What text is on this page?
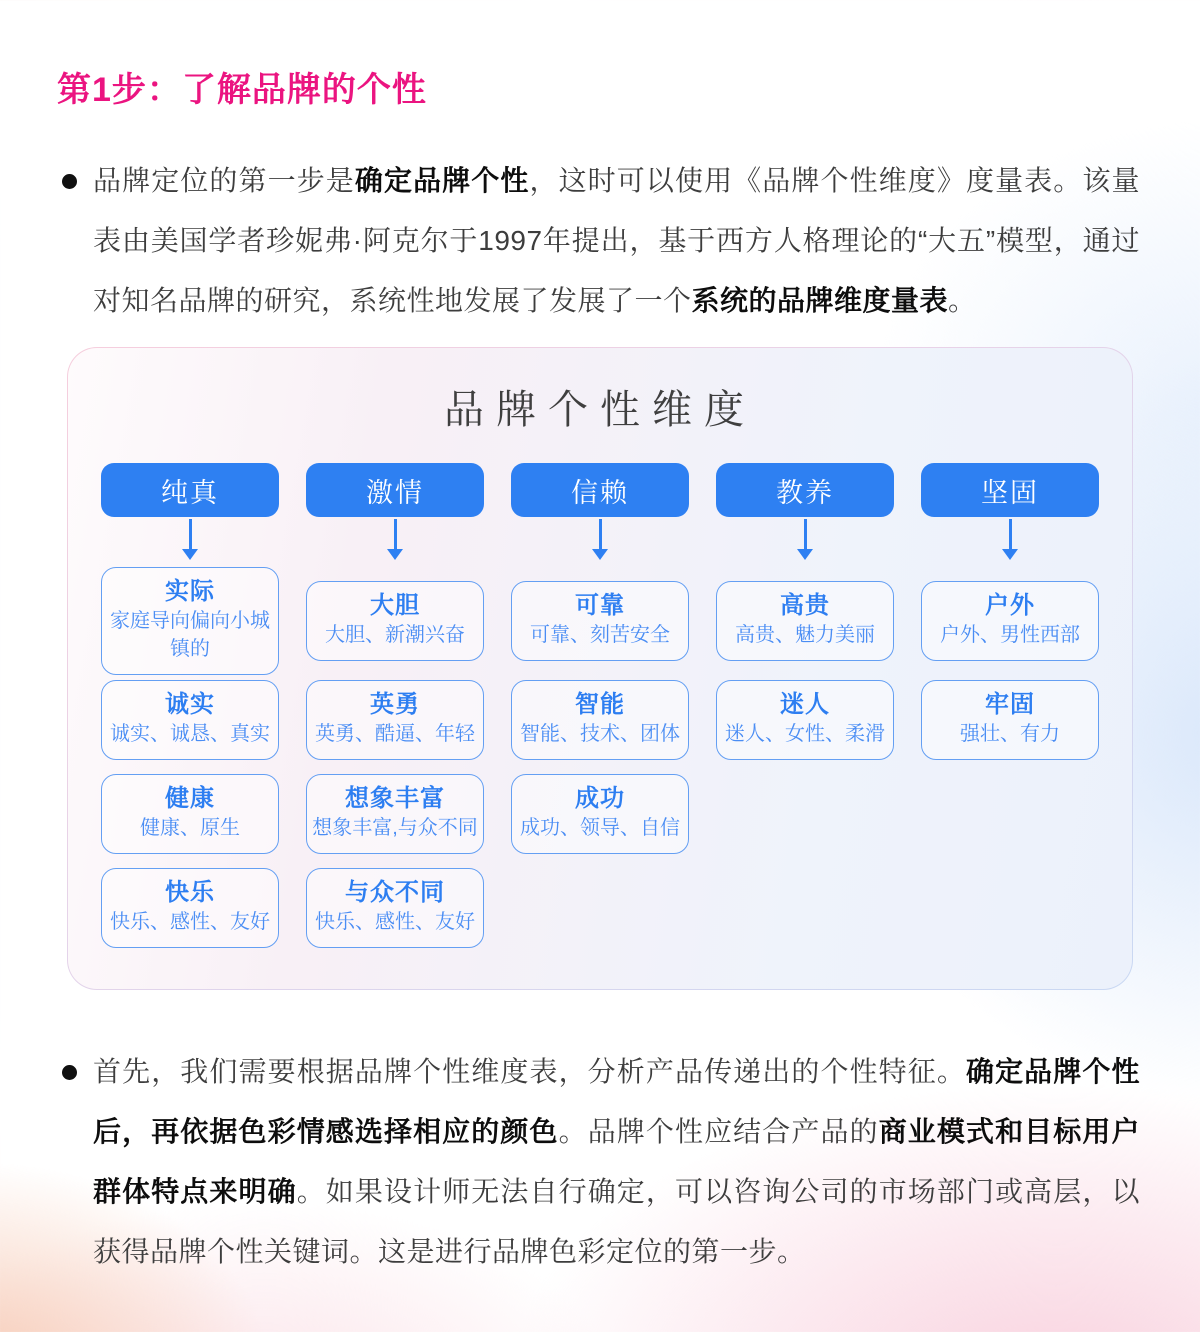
第1步：了解品牌的个性

品牌定位的第一步是确定品牌个性，这时可以使用《品牌个性维度》度量表。该量表由美国学者珍妮弗·阿克尔于1997年提出，基于西方人格理论的“大五”模型，通过对知名品牌的研究，系统性地发展了发展了一个系统的品牌维度量表。

品牌个性维度
纯真
实际
家庭导向偏向小城镇的
诚实
诚实、诚恳、真实
健康
健康、原生
快乐
快乐、感性、友好
激情
大胆
大胆、新潮兴奋
英勇
英勇、酷逼、年轻
想象丰富
想象丰富,与众不同
与众不同
快乐、感性、友好
信赖
可靠
可靠、刻苦安全
智能
智能、技术、团体
成功
成功、领导、自信
教养
高贵
高贵、魅力美丽
迷人
迷人、女性、柔滑
坚固
户外
户外、男性西部
牢固
强壮、有力

首先，我们需要根据品牌个性维度表，分析产品传递出的个性特征。确定品牌个性后，再依据色彩情感选择相应的颜色。品牌个性应结合产品的商业模式和目标用户群体特点来明确。如果设计师无法自行确定，可以咨询公司的市场部门或高层，以获得品牌个性关键词。这是进行品牌色彩定位的第一步。
